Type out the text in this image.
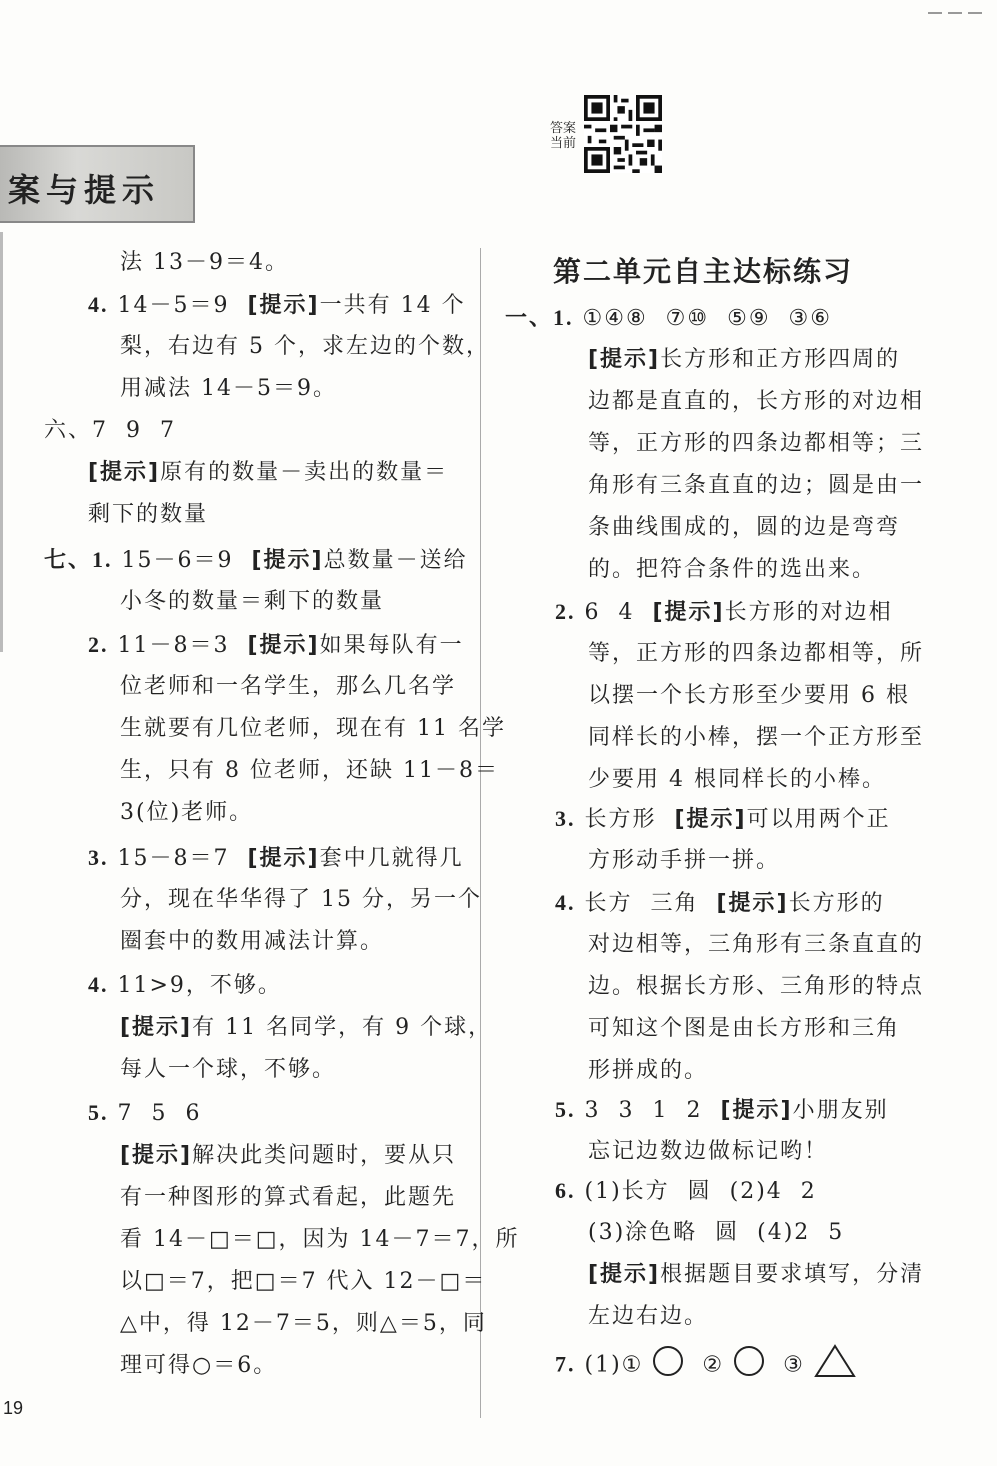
案与提示
答案
当前
第二单元自主达标练习
法 13－9＝4。
4. 14－5＝9  [提示]一共有 14 个
梨，右边有 5 个，求左边的个数，
用减法 14－5＝9。
六、7  9  7
[提示]原有的数量－卖出的数量＝
剩下的数量
七、1. 15－6＝9  [提示]总数量－送给
小冬的数量＝剩下的数量
2. 11－8＝3  [提示]如果每队有一
位老师和一名学生，那么几名学
生就要有几位老师，现在有 11 名学
生，只有 8 位老师，还缺 11－8＝
3(位)老师。
3. 15－8＝7  [提示]套中几就得几
分，现在华华得了 15 分，另一个
圈套中的数用减法计算。
4. 11>9，不够。
[提示]有 11 名同学，有 9 个球，
每人一个球，不够。
5. 7  5  6
[提示]解决此类问题时，要从只
有一种图形的算式看起，此题先
看 14－□＝□，因为 14－7＝7，所
以□＝7，把□＝7 代入 12－□＝
△中，得 12－7＝5，则△＝5，同
理可得○＝6。
一、1. ①④⑧  ⑦⑩  ⑤⑨  ③⑥
[提示]长方形和正方形四周的
边都是直直的，长方形的对边相
等，正方形的四条边都相等；三
角形有三条直直的边；圆是由一
条曲线围成的，圆的边是弯弯
的。把符合条件的选出来。
2. 6  4  [提示]长方形的对边相
等，正方形的四条边都相等，所
以摆一个长方形至少要用 6 根
同样长的小棒，摆一个正方形至
少要用 4 根同样长的小棒。
3. 长方形  [提示]可以用两个正
方形动手拼一拼。
4. 长方  三角  [提示]长方形的
对边相等，三角形有三条直直的
边。根据长方形、三角形的特点
可知这个图是由长方形和三角
形拼成的。
5. 3  3  1  2  [提示]小朋友别
忘记边数边做标记哟！
6. (1)长方  圆  (2)4  2
(3)涂色略  圆  (4)2  5
[提示]根据题目要求填写，分清
左边右边。
7. (1)①   ②   ③
19
